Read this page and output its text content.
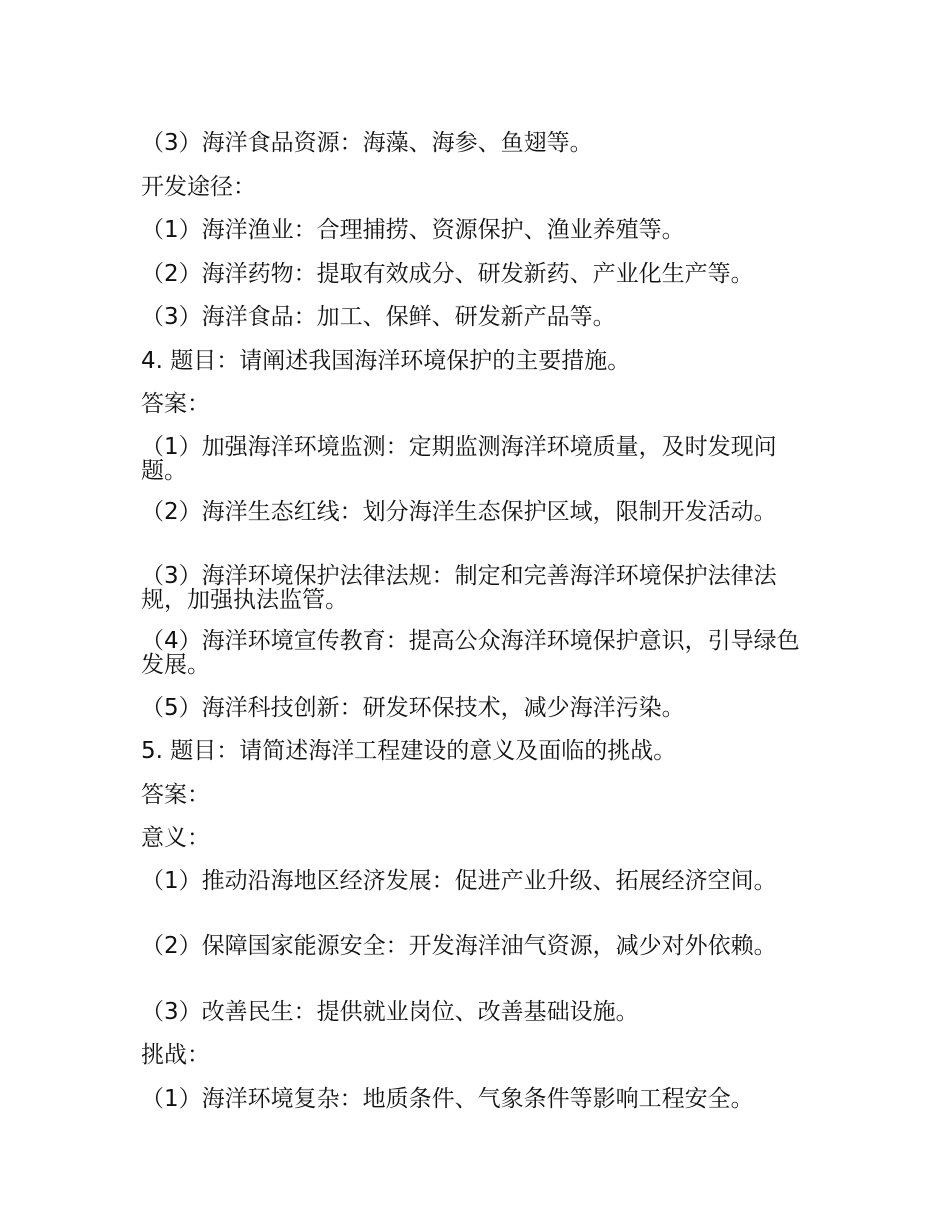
（3）海洋食品资源：海藻、海参、鱼翅等。
开发途径：
（1）海洋渔业：合理捕捞、资源保护、渔业养殖等。
（2）海洋药物：提取有效成分、研发新药、产业化生产等。
（3）海洋食品：加工、保鲜、研发新产品等。
4. 题目：请阐述我国海洋环境保护的主要措施。
答案：
（1）加强海洋环境监测：定期监测海洋环境质量，及时发现问题。
（2）海洋生态红线：划分海洋生态保护区域，限制开发活动。
（3）海洋环境保护法律法规：制定和完善海洋环境保护法律法规，加强执法监管。
（4）海洋环境宣传教育：提高公众海洋环境保护意识，引导绿色发展。
（5）海洋科技创新：研发环保技术，减少海洋污染。
5. 题目：请简述海洋工程建设的意义及面临的挑战。
答案：
意义：
（1）推动沿海地区经济发展：促进产业升级、拓展经济空间。
（2）保障国家能源安全：开发海洋油气资源，减少对外依赖。
（3）改善民生：提供就业岗位、改善基础设施。
挑战：
（1）海洋环境复杂：地质条件、气象条件等影响工程安全。
